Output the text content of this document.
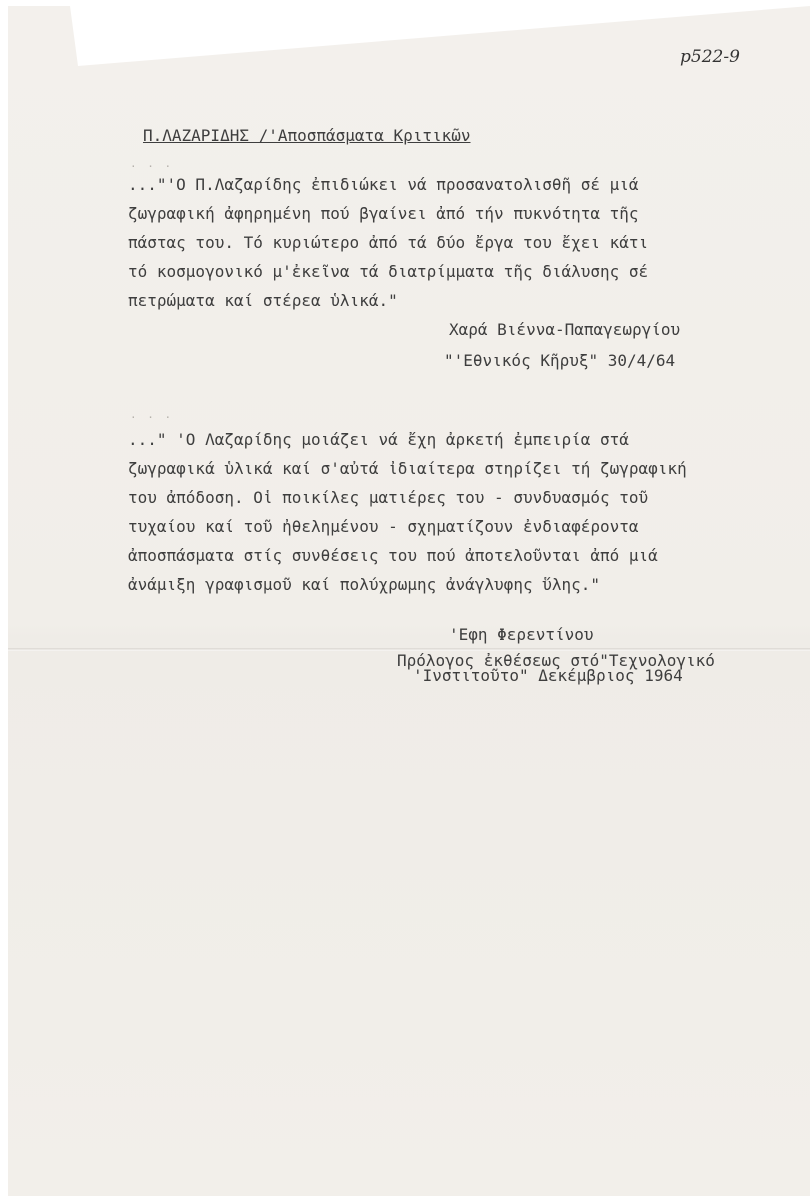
p522-9
Π.ΛΑΖΑΡΙΔΗΣ /'Αποσπάσματα Κριτικῶν
. . .
..."'Ο Π.Λαζαρίδης ἐπιδιώκει νά προσανατολισθῆ σέ μιά
ζωγραφική ἀφηρημένη πού βγαίνει ἀπό τήν πυκνότητα τῆς
πάστας του. Τό κυριώτερο ἀπό τά δύο ἔργα του ἔχει κάτι
τό κοσμογονικό μ'ἐκεῖνα τά διατρίμματα τῆς διάλυσης σέ
πετρώματα καί στέρεα ὑλικά."
Χαρά Βιέννα-Παπαγεωργίου
"'Εθνικός Κῆρυξ" 30/4/64
. . .
..." 'Ο Λαζαρίδης μοιάζει νά ἔχη ἀρκετή ἐμπειρία στά
ζωγραφικά ὑλικά καί σ'αὐτά ἰδιαίτερα στηρίζει τή ζωγραφική
του ἀπόδοση. Οἱ ποικίλες ματιέρες του - συνδυασμός τοῦ
τυχαίου καί τοῦ ἠθελημένου - σχηματίζουν ἐνδιαφέροντα
ἀποσπάσματα στίς συνθέσεις του πού ἀποτελοῦνται ἀπό μιά
ἀνάμιξη γραφισμοῦ καί πολύχρωμης ἀνάγλυφης ὕλης."
'Εφη Φερεντίνου
Πρόλογος ἐκθέσεως στό"Τεχνολογικό
'Ινστιτοῦτο" Δεκέμβριος 1964
